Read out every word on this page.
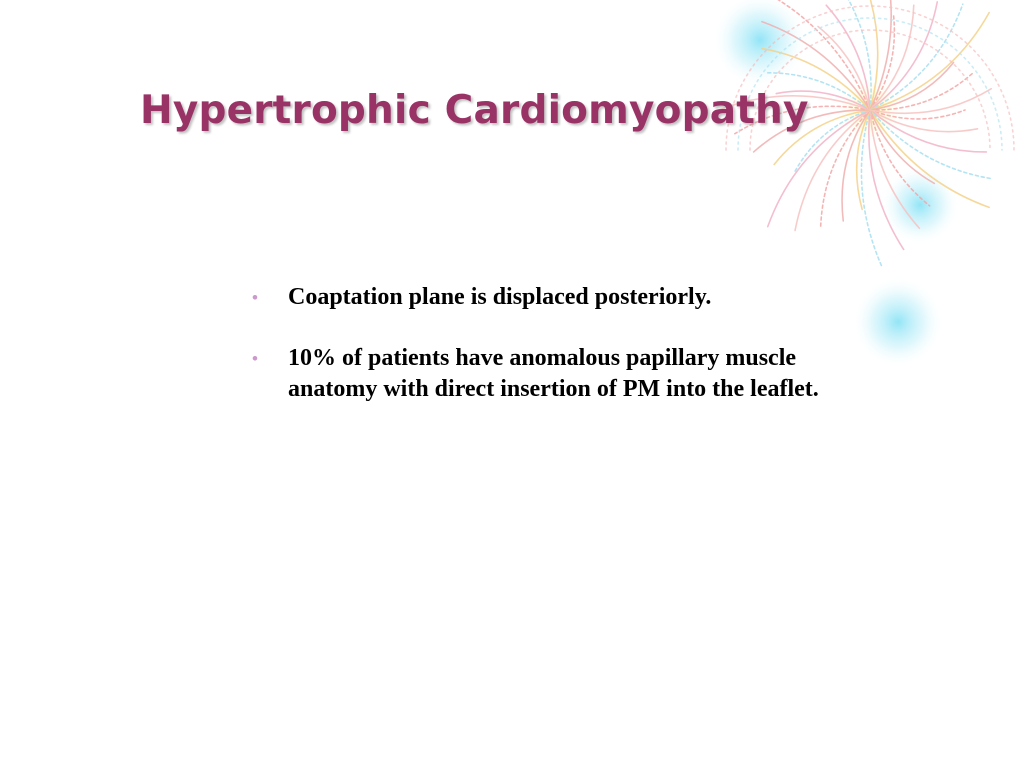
Hypertrophic Cardiomyopathy
• Coaptation plane is displaced posteriorly.
• 10% of patients have anomalous papillary muscle anatomy with direct insertion of PM into the leaflet.
